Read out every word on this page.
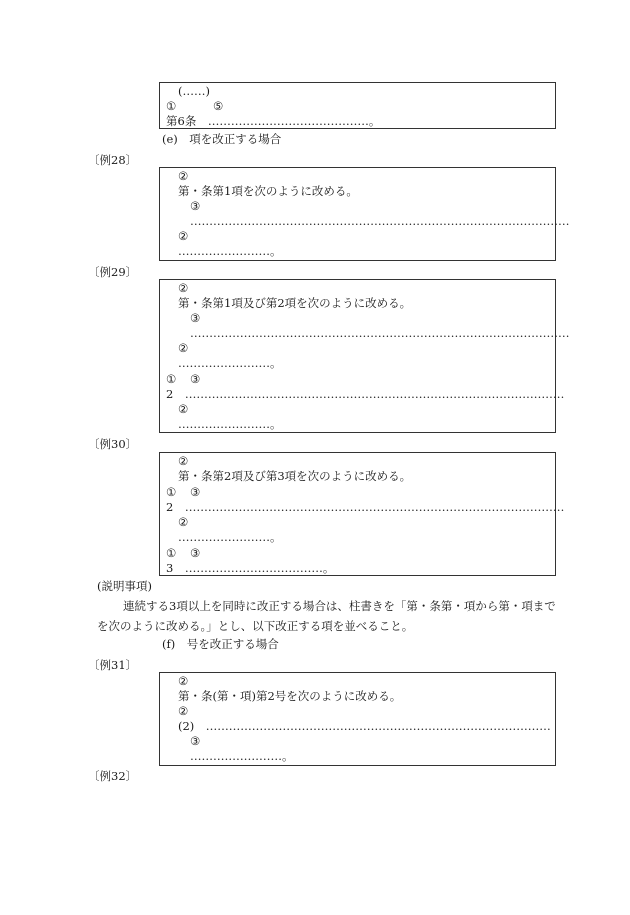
(……)
①	⑤
第6条　……………………………………。
(e)　項を改正する場合
〔例28〕
②
第・条第1項を次のように改める。
③
………………………………………………………………………………………
②
……………………。
〔例29〕
②
第・条第1項及び第2項を次のように改める。
③
………………………………………………………………………………………
②
……………………。
① ③
2　………………………………………………………………………………………
②
……………………。
〔例30〕
②
第・条第2項及び第3項を次のように改める。
① ③
2　………………………………………………………………………………………
②
……………………。
① ③
3　………………………………。
(説明事項)
連続する3項以上を同時に改正する場合は、柱書きを「第・条第・項から第・項までを次のように改める。」とし、以下改正する項を並べること。
(f)　号を改正する場合
〔例31〕
②
第・条(第・項)第2号を次のように改める。
②
(2)　………………………………………………………………………………
③
……………………。
〔例32〕
